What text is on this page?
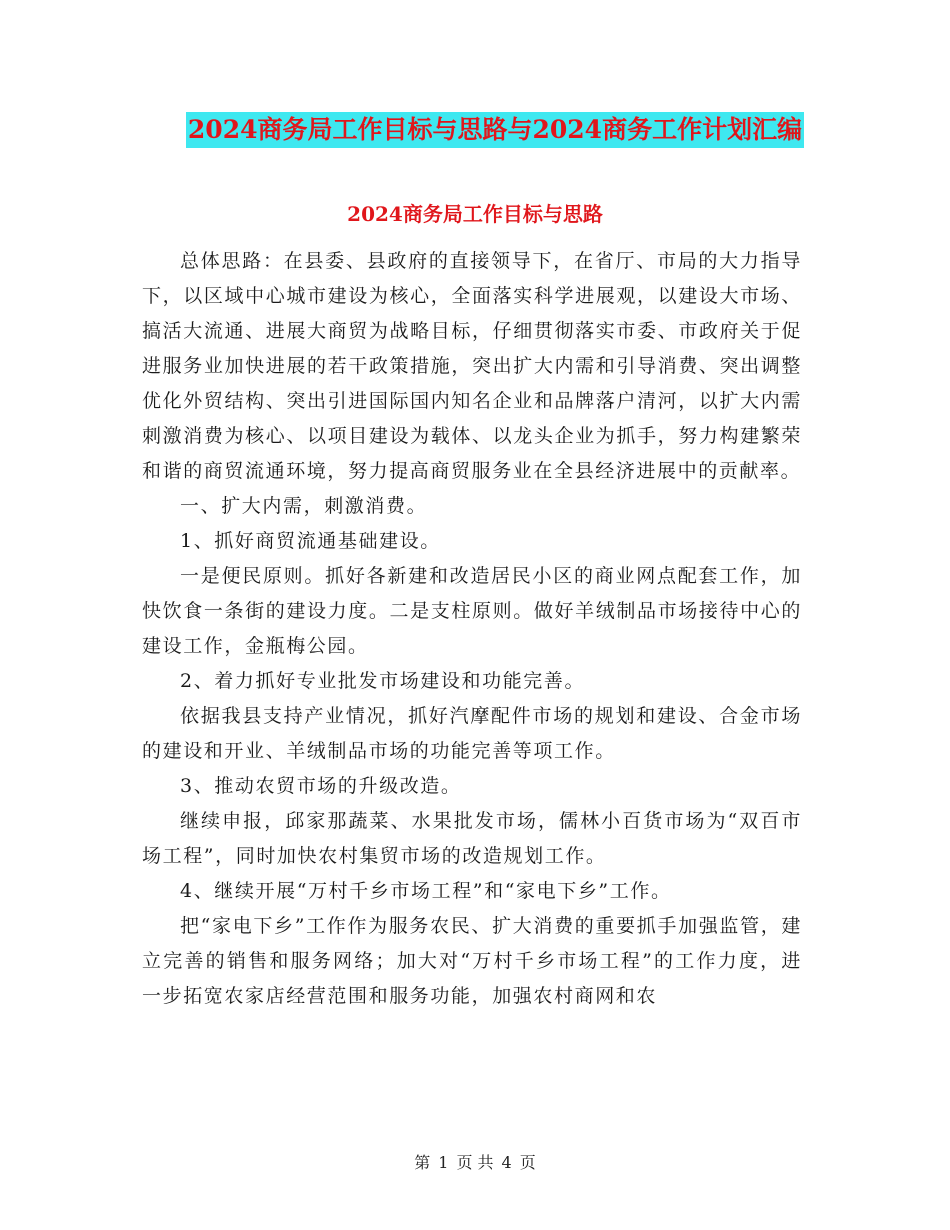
2024商务局工作目标与思路与2024商务工作计划汇编
2024商务局工作目标与思路

总体思路：在县委、县政府的直接领导下，在省厅、市局的大力指导下，以区域中心城市建设为核心，全面落实科学进展观，以建设大市场、搞活大流通、进展大商贸为战略目标，仔细贯彻落实市委、市政府关于促进服务业加快进展的若干政策措施，突出扩大内需和引导消费、突出调整优化外贸结构、突出引进国际国内知名企业和品牌落户清河，以扩大内需刺激消费为核心、以项目建设为载体、以龙头企业为抓手，努力构建繁荣和谐的商贸流通环境，努力提高商贸服务业在全县经济进展中的贡献率。

一、扩大内需，刺激消费。

1、抓好商贸流通基础建设。

一是便民原则。抓好各新建和改造居民小区的商业网点配套工作，加快饮食一条街的建设力度。二是支柱原则。做好羊绒制品市场接待中心的建设工作，金瓶梅公园。

2、着力抓好专业批发市场建设和功能完善。

依据我县支持产业情况，抓好汽摩配件市场的规划和建设、合金市场的建设和开业、羊绒制品市场的功能完善等项工作。

3、推动农贸市场的升级改造。

继续申报，邱家那蔬菜、水果批发市场，儒林小百货市场为“双百市场工程”，同时加快农村集贸市场的改造规划工作。

4、继续开展“万村千乡市场工程”和“家电下乡”工作。

把“家电下乡”工作作为服务农民、扩大消费的重要抓手加强监管，建立完善的销售和服务网络；加大对“万村千乡市场工程”的工作力度，进一步拓宽农家店经营范围和服务功能，加强农村商网和农

第 1 页 共 4 页
